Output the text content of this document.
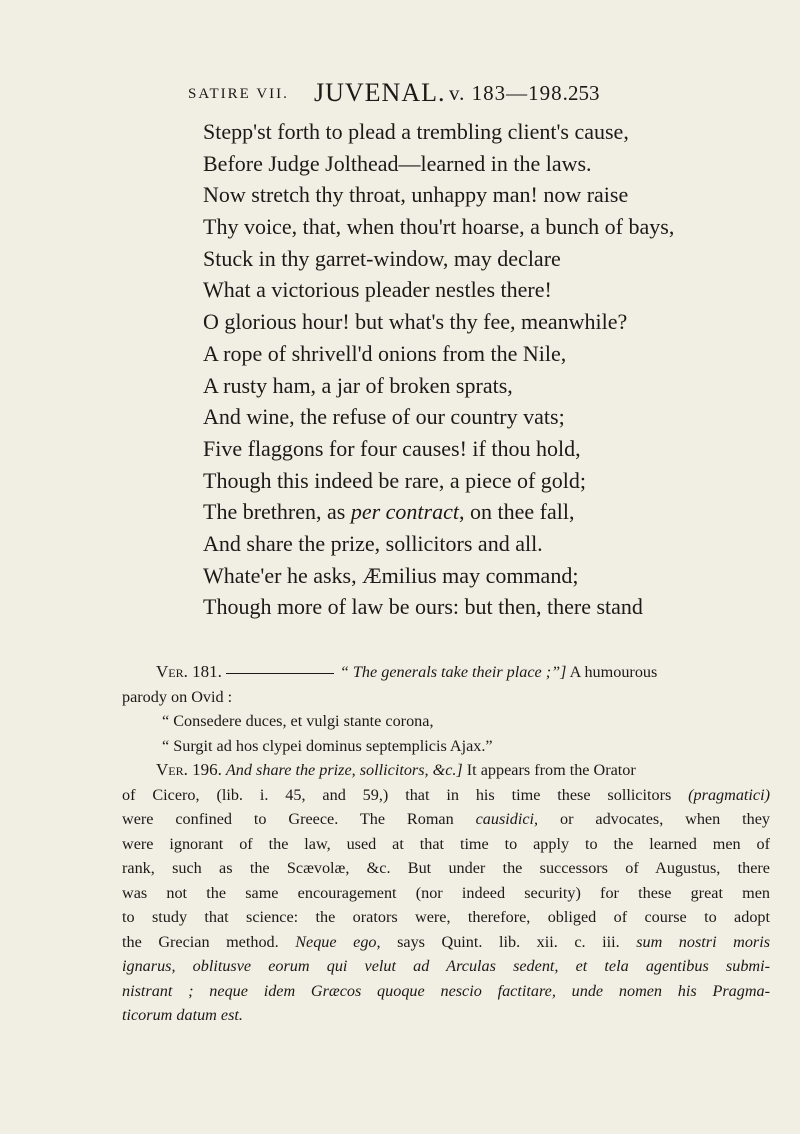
SATIRE VII. JUVENAL. v. 183—198. 253
Stepp'st forth to plead a trembling client's cause,
Before Judge Jolthead—learned in the laws.
Now stretch thy throat, unhappy man! now raise
Thy voice, that, when thou'rt hoarse, a bunch of bays,
Stuck in thy garret-window, may declare
What a victorious pleader nestles there!
O glorious hour! but what's thy fee, meanwhile?
A rope of shrivell'd onions from the Nile,
A rusty ham, a jar of broken sprats,
And wine, the refuse of our country vats;
Five flaggons for four causes! if thou hold,
Though this indeed be rare, a piece of gold;
The brethren, as per contract, on thee fall,
And share the prize, sollicitors and all.
Whate'er he asks, Æmilius may command;
Though more of law be ours: but then, there stand
Ver. 181.	“ The generals take their place ;”] A humourous
parody on Ovid :
“ Consedere duces, et vulgi stante corona,
“ Surgit ad hos clypei dominus septemplicis Ajax.”
Ver. 196. And share the prize, sollicitors, &c.] It appears from the Orator
of Cicero, (lib. i. 45, and 59,) that in his time these sollicitors (pragmatici)
were confined to Greece. The Roman causidici, or advocates, when they
were ignorant of the law, used at that time to apply to the learned men of
rank, such as the Scævolæ, &c. But under the successors of Augustus, there
was not the same encouragement (nor indeed security) for these great men
to study that science: the orators were, therefore, obliged of course to adopt
the Grecian method. Neque ego, says Quint. lib. xii. c. iii. sum nostri moris
ignarus, oblitusve eorum qui velut ad Arculas sedent, et tela agentibus submi-
nistrant ; neque idem Græcos quoque nescio factitare, unde nomen his Pragma-
ticorum datum est.
